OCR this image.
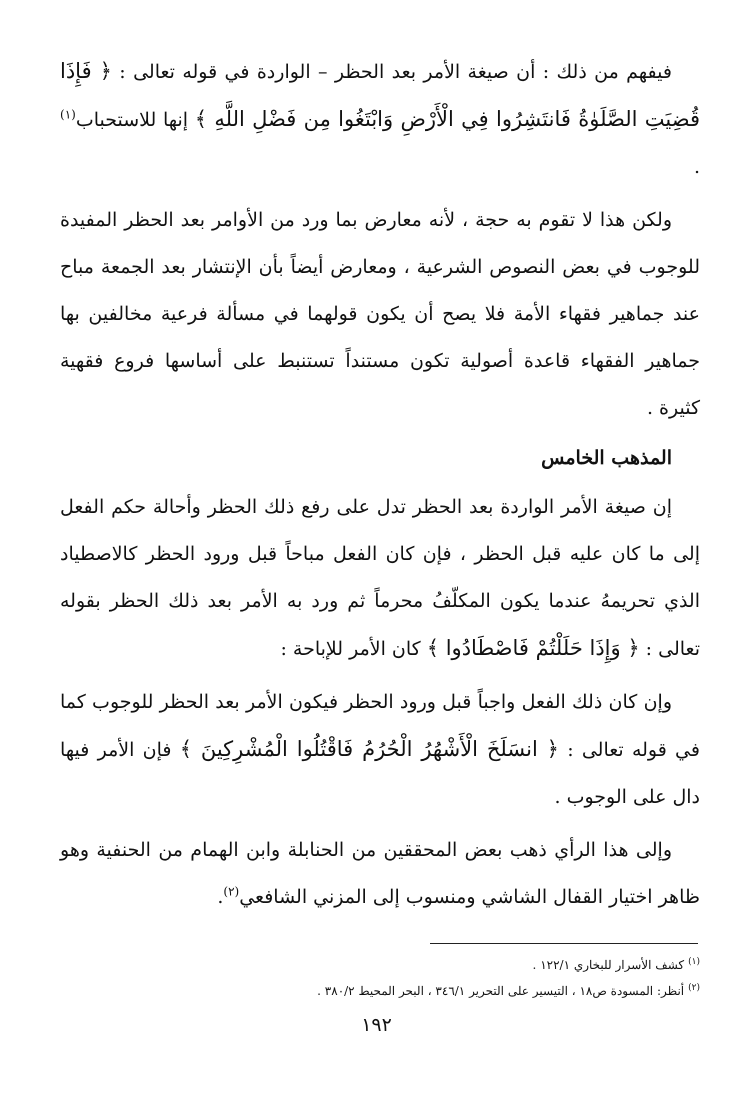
فيفهم من ذلك : أن صيغة الأمر بعد الحظر – الواردة في قوله تعالى : ﴿ فَإِذَا قُضِيَتِ الصَّلَوٰةُ فَانتَشِرُوا فِي الْأَرْضِ وَابْتَغُوا مِن فَضْلِ اللَّهِ ﴾ إنها للاستحباب$^{(١)}$ .

ولكن هذا لا تقوم به حجة ، لأنه معارض بما ورد من الأوامر بعد الحظر المفيدة للوجوب في بعض النصوص الشرعية ، ومعارض أيضاً بأن الإنتشار بعد الجمعة مباح عند جماهير فقهاء الأمة فلا يصح أن يكون قولهما في مسألة فرعية مخالفين بها جماهير الفقهاء قاعدة أصولية تكون مستنداً تستنبط على أساسها فروع فقهية كثيرة .

المذهب الخامس

إن صيغة الأمر الواردة بعد الحظر تدل على رفع ذلك الحظر وأحالة حكم الفعل إلى ما كان عليه قبل الحظر ، فإن كان الفعل مباحاً قبل ورود الحظر كالاصطياد الذي تحريمهُ عندما يكون المكلّفُ محرماً ثم ورد به الأمر بعد ذلك الحظر بقوله تعالى : ﴿ وَإِذَا حَلَلْتُمْ فَاصْطَادُوا ﴾ كان الأمر للإباحة :

وإن كان ذلك الفعل واجباً قبل ورود الحظر فيكون الأمر بعد الحظر للوجوب كما في قوله تعالى : ﴿ انسَلَخَ الْأَشْهُرُ الْحُرُمُ فَاقْتُلُوا الْمُشْرِكِينَ ﴾ فإن الأمر فيها دال على الوجوب .

وإلى هذا الرأي ذهب بعض المحققين من الحنابلة وابن الهمام من الحنفية وهو ظاهر اختيار القفال الشاشي ومنسوب إلى المزني الشافعي$^{(٢)}$.

$^{(١)}$كشف الأسرار للبخاري ١٢٢/١ .

$^{(٢)}$أنظر: المسودة ص١٨ ، التيسير على التحرير ٣٤٦/١ ، البحر المحيط ٣٨٠/٢ .

١٩٢
